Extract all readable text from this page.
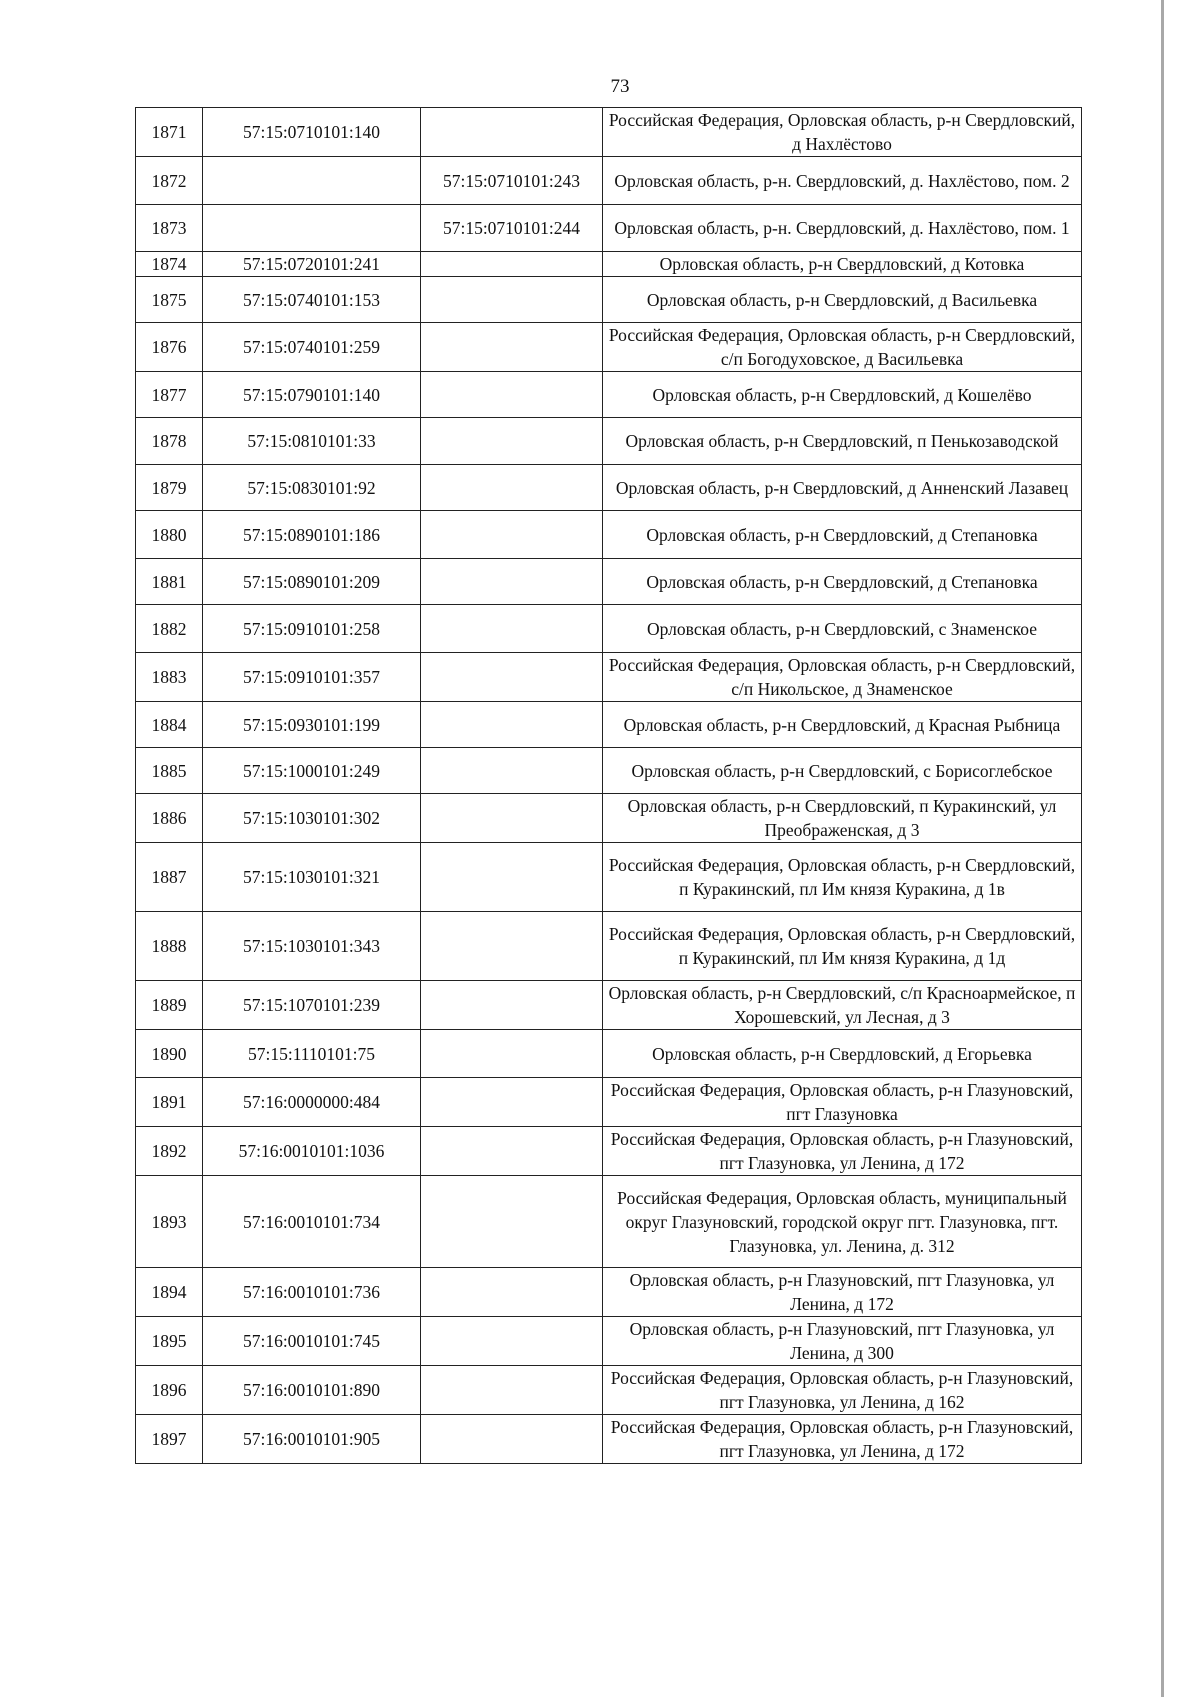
73
1871	57:15:0710101:140		Российская Федерация, Орловская область, р-н Свердловский, д Нахлёстово
1872		57:15:0710101:243	Орловская область, р-н. Свердловский, д. Нахлёстово, пом. 2
1873		57:15:0710101:244	Орловская область, р-н. Свердловский, д. Нахлёстово, пом. 1
1874	57:15:0720101:241		Орловская область, р-н Свердловский, д Котовка
1875	57:15:0740101:153		Орловская область, р-н Свердловский, д Васильевка
1876	57:15:0740101:259		Российская Федерация, Орловская область, р-н Свердловский, с/п Богодуховское, д Васильевка
1877	57:15:0790101:140		Орловская область, р-н Свердловский, д Кошелёво
1878	57:15:0810101:33		Орловская область, р-н Свердловский, п Пенькозаводской
1879	57:15:0830101:92		Орловская область, р-н Свердловский, д Анненский Лазавец
1880	57:15:0890101:186		Орловская область, р-н Свердловский, д Степановка
1881	57:15:0890101:209		Орловская область, р-н Свердловский, д Степановка
1882	57:15:0910101:258		Орловская область, р-н Свердловский, с Знаменское
1883	57:15:0910101:357		Российская Федерация, Орловская область, р-н Свердловский, с/п Никольское, д Знаменское
1884	57:15:0930101:199		Орловская область, р-н Свердловский, д Красная Рыбница
1885	57:15:1000101:249		Орловская область, р-н Свердловский, с Борисоглебское
1886	57:15:1030101:302		Орловская область, р-н Свердловский, п Куракинский, ул Преображенская, д 3
1887	57:15:1030101:321		Российская Федерация, Орловская область, р-н Свердловский, п Куракинский, пл Им князя Куракина, д 1в
1888	57:15:1030101:343		Российская Федерация, Орловская область, р-н Свердловский, п Куракинский, пл Им князя Куракина, д 1д
1889	57:15:1070101:239		Орловская область, р-н Свердловский, с/п Красноармейское, п Хорошевский, ул Лесная, д 3
1890	57:15:1110101:75		Орловская область, р-н Свердловский, д Егорьевка
1891	57:16:0000000:484		Российская Федерация, Орловская область, р-н Глазуновский, пгт Глазуновка
1892	57:16:0010101:1036		Российская Федерация, Орловская область, р-н Глазуновский, пгт Глазуновка, ул Ленина, д 172
1893	57:16:0010101:734		Российская Федерация, Орловская область, муниципальный округ Глазуновский, городской округ пгт. Глазуновка, пгт. Глазуновка, ул. Ленина, д. 312
1894	57:16:0010101:736		Орловская область, р-н Глазуновский, пгт Глазуновка, ул Ленина, д 172
1895	57:16:0010101:745		Орловская область, р-н Глазуновский, пгт Глазуновка, ул Ленина, д 300
1896	57:16:0010101:890		Российская Федерация, Орловская область, р-н Глазуновский, пгт Глазуновка, ул Ленина, д 162
1897	57:16:0010101:905		Российская Федерация, Орловская область, р-н Глазуновский, пгт Глазуновка, ул Ленина, д 172
